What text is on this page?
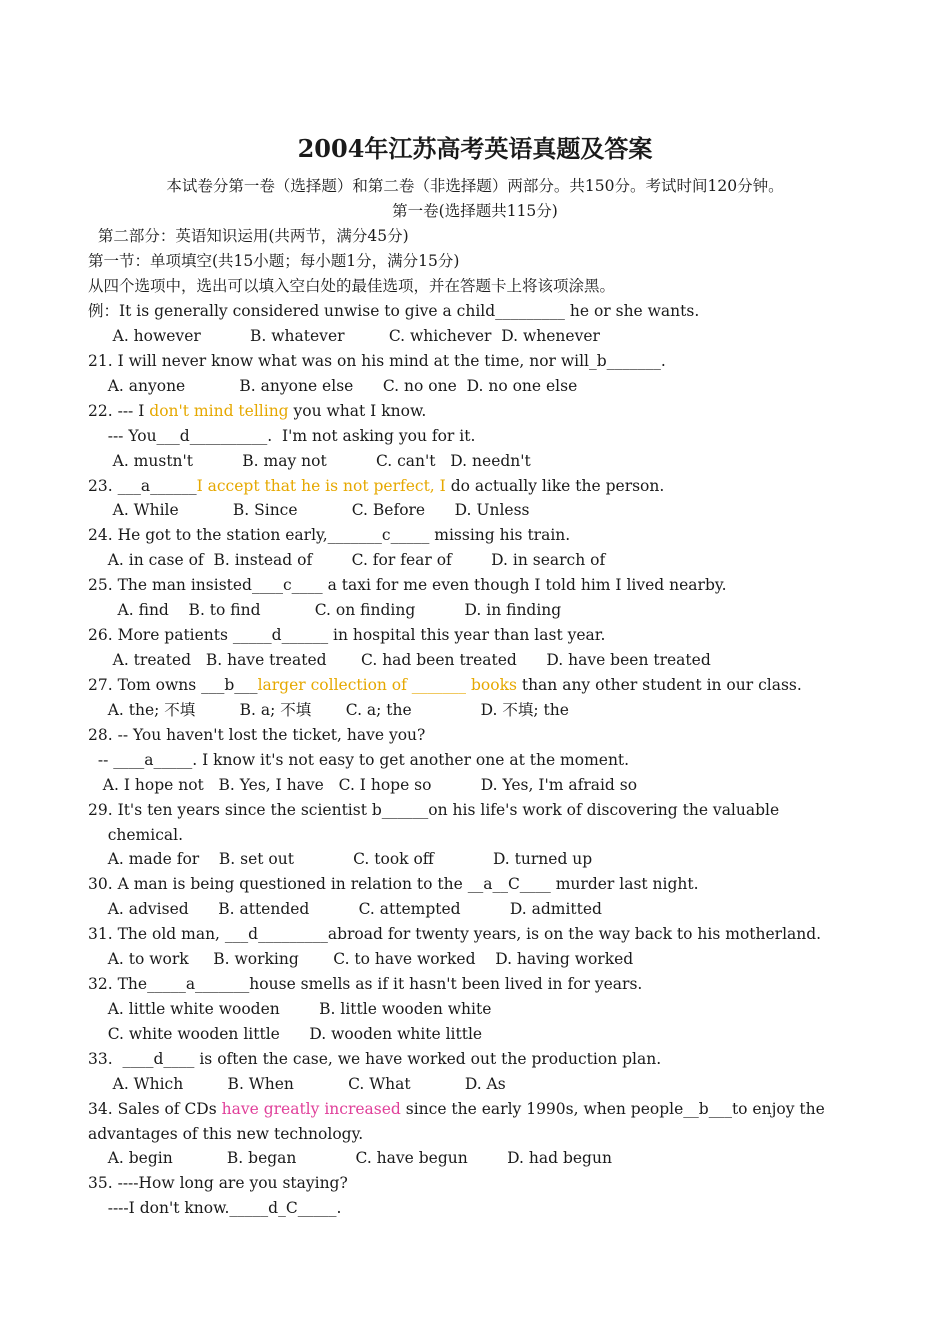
2004年江苏高考英语真题及答案
本试卷分第一卷（选择题）和第二卷（非选择题）两部分。共150分。考试时间120分钟。
第一卷(选择题共115分)
第二部分：英语知识运用(共两节，满分45分)
第一节：单项填空(共15小题；每小题1分，满分15分)
从四个选项中，选出可以填入空白处的最佳选项，并在答题卡上将该项涂黑。
例：It is generally considered unwise to give a child_________ he or she wants.
A. however          B. whatever         C. whichever  D. whenever
21. I will never know what was on his mind at the time, nor will_b_______.
A. anyone           B. anyone else      C. no one  D. no one else
22. --- I don't mind telling you what I know.
--- You___d__________.  I'm not asking you for it.
A. mustn't          B. may not          C. can't   D. needn't
23. ___a______I accept that he is not perfect, I do actually like the person.
A. While           B. Since           C. Before      D. Unless
24. He got to the station early,_______c_____ missing his train.
A. in case of  B. instead of        C. for fear of        D. in search of
25. The man insisted____c____ a taxi for me even though I told him I lived nearby.
A. find    B. to find           C. on finding          D. in finding
26. More patients _____d______ in hospital this year than last year.
A. treated   B. have treated       C. had been treated      D. have been treated
27. Tom owns ___b___larger collection of _______ books than any other student in our class.
A. the; 不填         B. a; 不填       C. a; the              D. 不填; the
28. -- You haven't lost the ticket, have you?
-- ____a_____. I know it's not easy to get another one at the moment.
A. I hope not   B. Yes, I have   C. I hope so          D. Yes, I'm afraid so
29. It's ten years since the scientist b______on his life's work of discovering the valuable
chemical.
A. made for    B. set out            C. took off            D. turned up
30. A man is being questioned in relation to the __a__C____ murder last night.
A. advised      B. attended          C. attempted          D. admitted
31. The old man, ___d_________abroad for twenty years, is on the way back to his motherland.
A. to work     B. working       C. to have worked    D. having worked
32. The_____a_______house smells as if it hasn't been lived in for years.
A. little white wooden        B. little wooden white
C. white wooden little      D. wooden white little
33.  ____d____ is often the case, we have worked out the production plan.
A. Which         B. When           C. What           D. As
34. Sales of CDs have greatly increased since the early 1990s, when people__b___to enjoy the
advantages of this new technology.
A. begin           B. began            C. have begun        D. had begun
35. ----How long are you staying?
----I don't know._____d_C_____.
